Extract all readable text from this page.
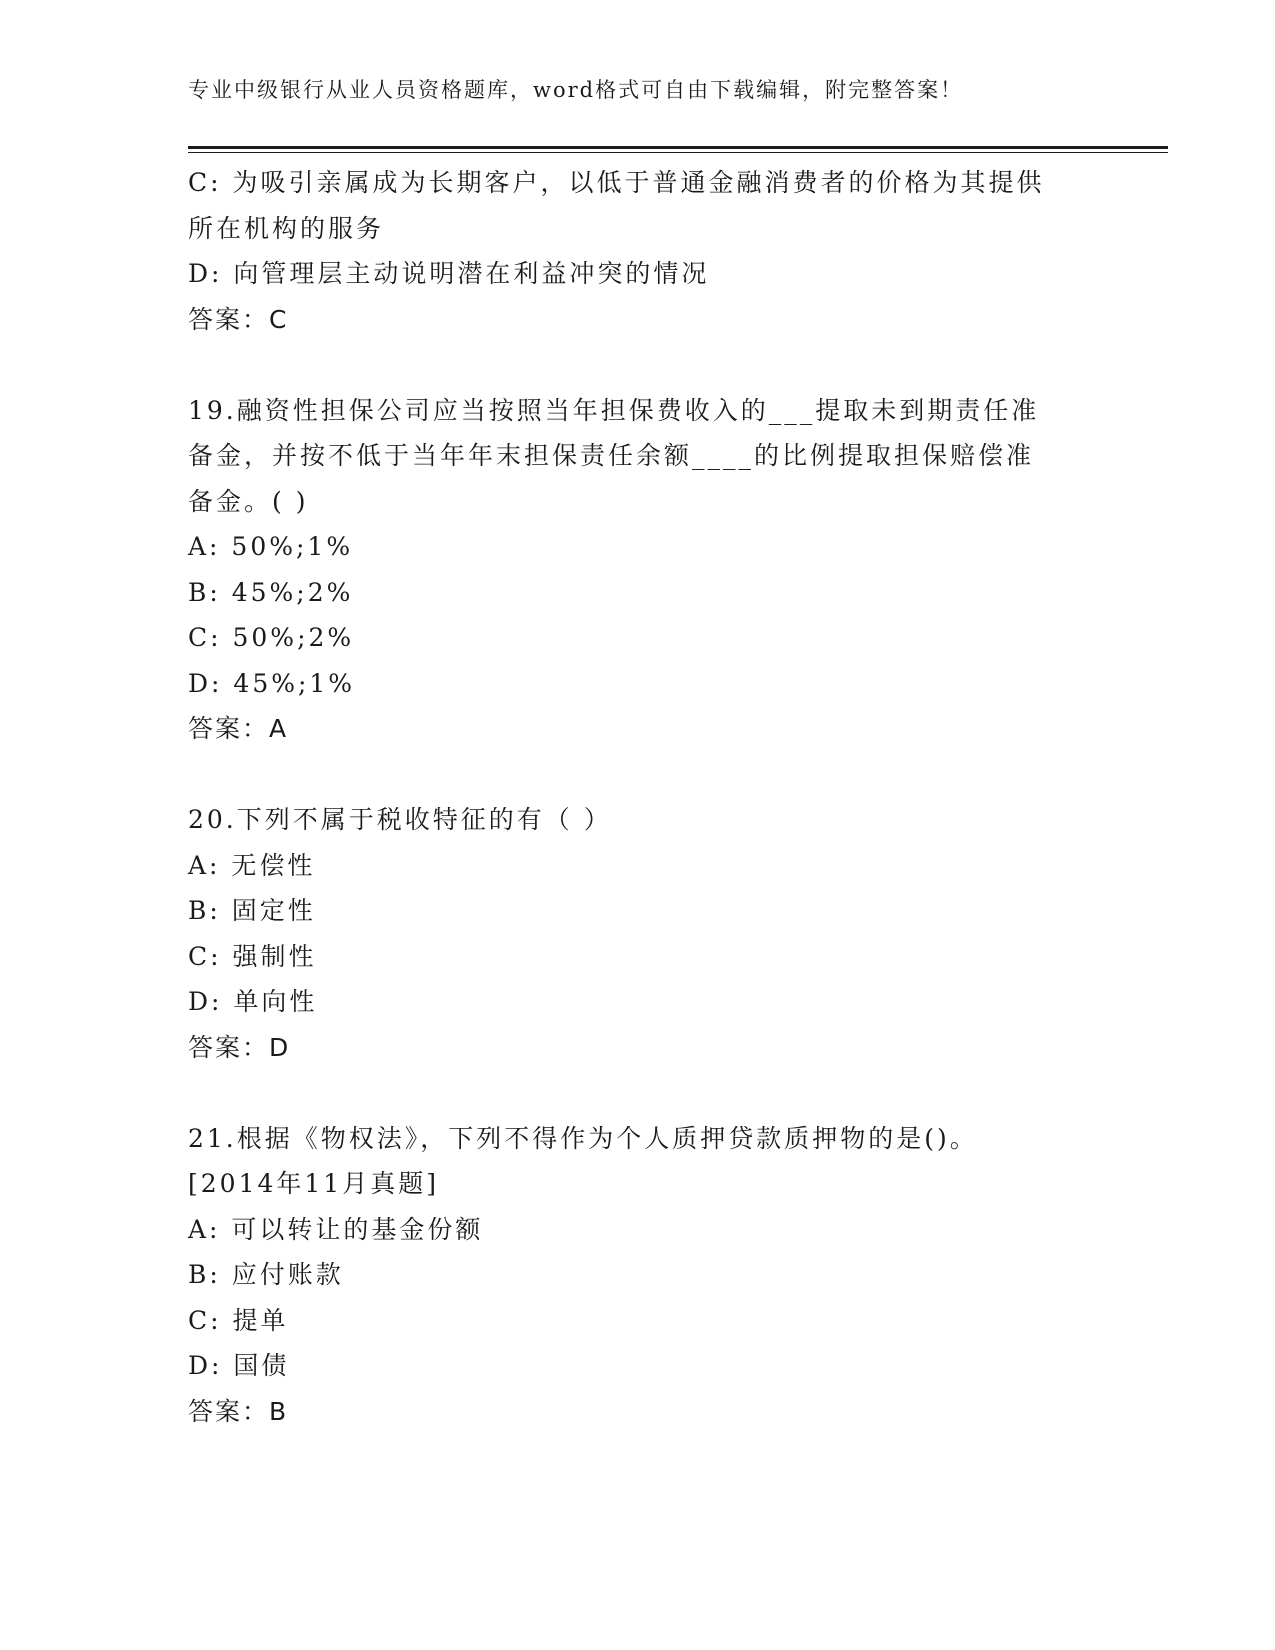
专业中级银行从业人员资格题库，word格式可自由下载编辑，附完整答案！
C: 为吸引亲属成为长期客户，以低于普通金融消费者的价格为其提供
所在机构的服务
D: 向管理层主动说明潜在利益冲突的情况
答案：C
19.融资性担保公司应当按照当年担保费收入的___提取未到期责任准
备金，并按不低于当年年末担保责任余额____的比例提取担保赔偿准
备金。( )
A: 50%;1%
B: 45%;2%
C: 50%;2%
D: 45%;1%
答案：A
20.下列不属于税收特征的有（ ）
A: 无偿性
B: 固定性
C: 强制性
D: 单向性
答案：D
21.根据《物权法》，下列不得作为个人质押贷款质押物的是()。
[2014年11月真题]
A: 可以转让的基金份额
B: 应付账款
C: 提单
D: 国债
答案：B
